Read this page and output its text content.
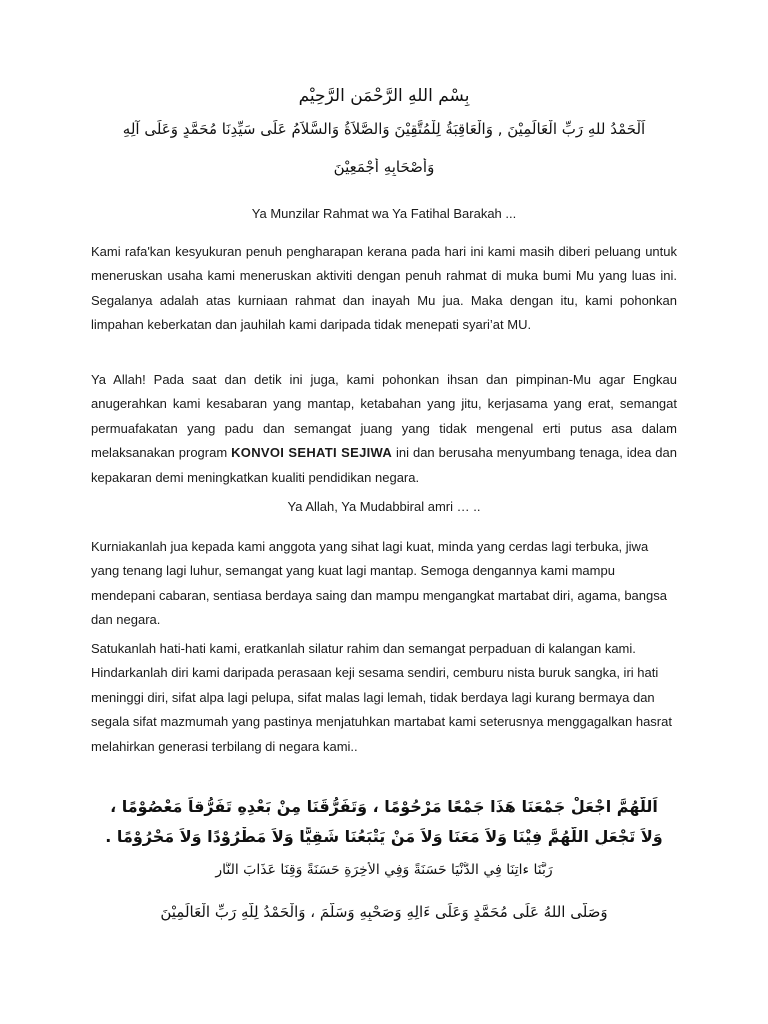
بِسْمِ اللهِ الرَّحْمَنِ الرَّحِيْمِ
اَلْحَمْدُ للهِ رَبِّ الْعَالَمِيْنَ , وَالْعَاقِبَةُ لِلْمُتَّقِيْنَ وَالصَّلاَةُ وَالسَّلاَمُ عَلَى سَيِّدِنَا مُحَمَّدٍ وَعَلَى آلِهِ
وَأَصْحَابِهِ أَجْمَعِيْنَ
Ya Munzilar Rahmat wa Ya Fatihal Barakah ...

Kami rafa'kan kesyukuran penuh pengharapan kerana pada hari ini kami masih diberi peluang untuk meneruskan usaha kami meneruskan aktiviti dengan penuh rahmat di muka bumi Mu yang luas ini. Segalanya adalah atas kurniaan rahmat dan inayah Mu jua. Maka dengan itu, kami pohonkan limpahan keberkatan dan jauhilah kami daripada tidak menepati syari’at MU.

Ya Allah! Pada saat dan detik ini juga, kami pohonkan ihsan dan pimpinan-Mu agar Engkau anugerahkan kami kesabaran yang mantap, ketabahan yang jitu, kerjasama yang erat, semangat permuafakatan yang padu dan semangat juang yang tidak mengenal erti putus asa dalam melaksanakan program KONVOI SEHATI SEJIWA ini dan berusaha menyumbang tenaga, idea dan kepakaran demi meningkatkan kualiti pendidikan negara.

Ya Allah, Ya Mudabbiral amri … ..

Kurniakanlah jua kepada kami anggota yang sihat lagi kuat, minda yang cerdas lagi terbuka, jiwa yang tenang lagi luhur, semangat yang kuat lagi mantap. Semoga dengannya kami mampu mendepani cabaran, sentiasa berdaya saing dan mampu mengangkat martabat diri, agama, bangsa dan negara.

Satukanlah hati-hati kami, eratkanlah silatur rahim dan semangat perpaduan di kalangan kami. Hindarkanlah diri kami daripada perasaan keji sesama sendiri, cemburu nista buruk sangka, iri hati meninggi diri, sifat alpa lagi pelupa, sifat malas lagi lemah, tidak berdaya lagi kurang bermaya dan segala sifat mazmumah yang pastinya menjatuhkan martabat kami seterusnya menggagalkan hasrat melahirkan generasi terbilang di negara kami..

اَللَّهُمَّ اجْعَلْ جَمْعَنَا هَذَا جَمْعًا مَرْحُوْمًا ، وَتَفَرُّقَنَا مِنْ بَعْدِهِ تَفَرُّقاً مَعْصُوْمًا ،
وَلاَ تَجْعَلِ اللَّهُمَّ فِيْنَا وَلاَ مَعَنَا وَلاَ مَنْ يَتْبَعُنَا شَقِيًّا وَلاَ مَطْرُوْدًا وَلاَ مَحْرُوْمًا .
رَبَّنَا ءاتِنَا فِي الدُّنْيَا حَسَنَةً وَفِي الأَخِرَةِ حَسَنَةً وَقِنَا عَذَابَ النَّارِ
وَصَلَّى اللهُ عَلَى مُحَمَّدٍ وَعَلَى ءَالِهِ وَصَحْبِهِ وَسَلَّمَ ، وَالْحَمْدُ لِلَّهِ رَبِّ الْعَالَمِيْنَ
